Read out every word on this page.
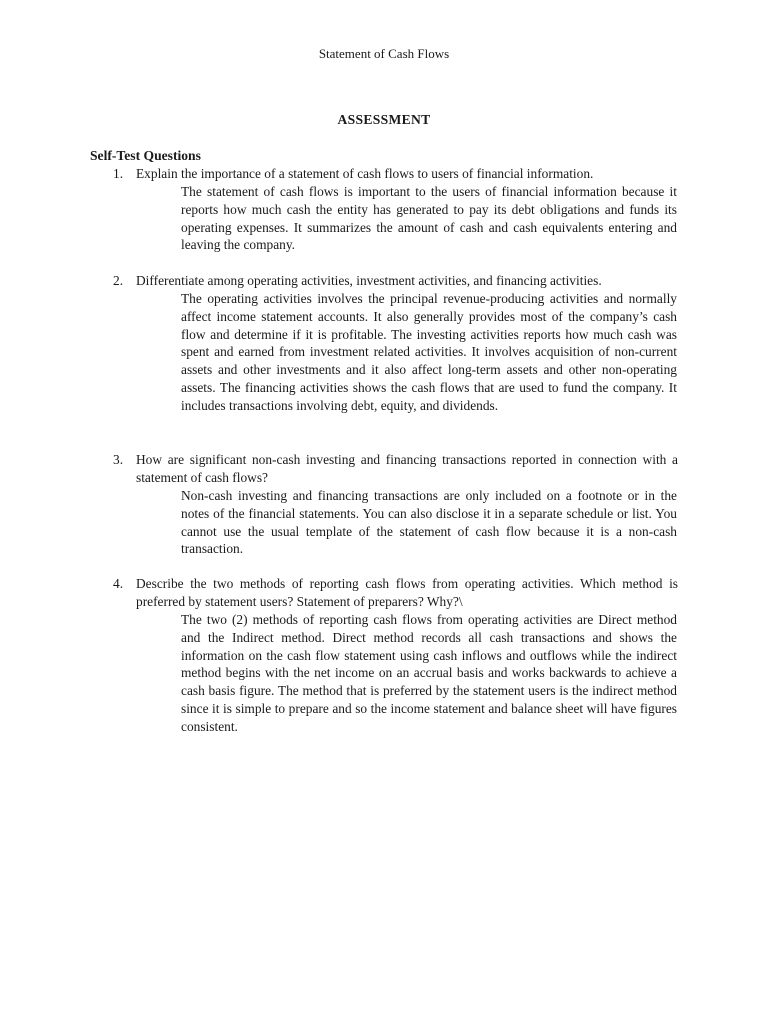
Statement of Cash Flows
ASSESSMENT
Self-Test Questions
1. Explain the importance of a statement of cash flows to users of financial information.
The statement of cash flows is important to the users of financial information because it reports how much cash the entity has generated to pay its debt obligations and funds its operating expenses. It summarizes the amount of cash and cash equivalents entering and leaving the company.
2. Differentiate among operating activities, investment activities, and financing activities.
The operating activities involves the principal revenue-producing activities and normally affect income statement accounts. It also generally provides most of the company’s cash flow and determine if it is profitable. The investing activities reports how much cash was spent and earned from investment related activities. It involves acquisition of non-current assets and other investments and it also affect long-term assets and other non-operating assets. The financing activities shows the cash flows that are used to fund the company. It includes transactions involving debt, equity, and dividends.
3. How are significant non-cash investing and financing transactions reported in connection with a statement of cash flows?
Non-cash investing and financing transactions are only included on a footnote or in the notes of the financial statements. You can also disclose it in a separate schedule or list. You cannot use the usual template of the statement of cash flow because it is a non-cash transaction.
4. Describe the two methods of reporting cash flows from operating activities. Which method is preferred by statement users? Statement of preparers? Why?\
The two (2) methods of reporting cash flows from operating activities are Direct method and the Indirect method. Direct method records all cash transactions and shows the information on the cash flow statement using cash inflows and outflows while the indirect method begins with the net income on an accrual basis and works backwards to achieve a cash basis figure. The method that is preferred by the statement users is the indirect method since it is simple to prepare and so the income statement and balance sheet will have figures consistent.
